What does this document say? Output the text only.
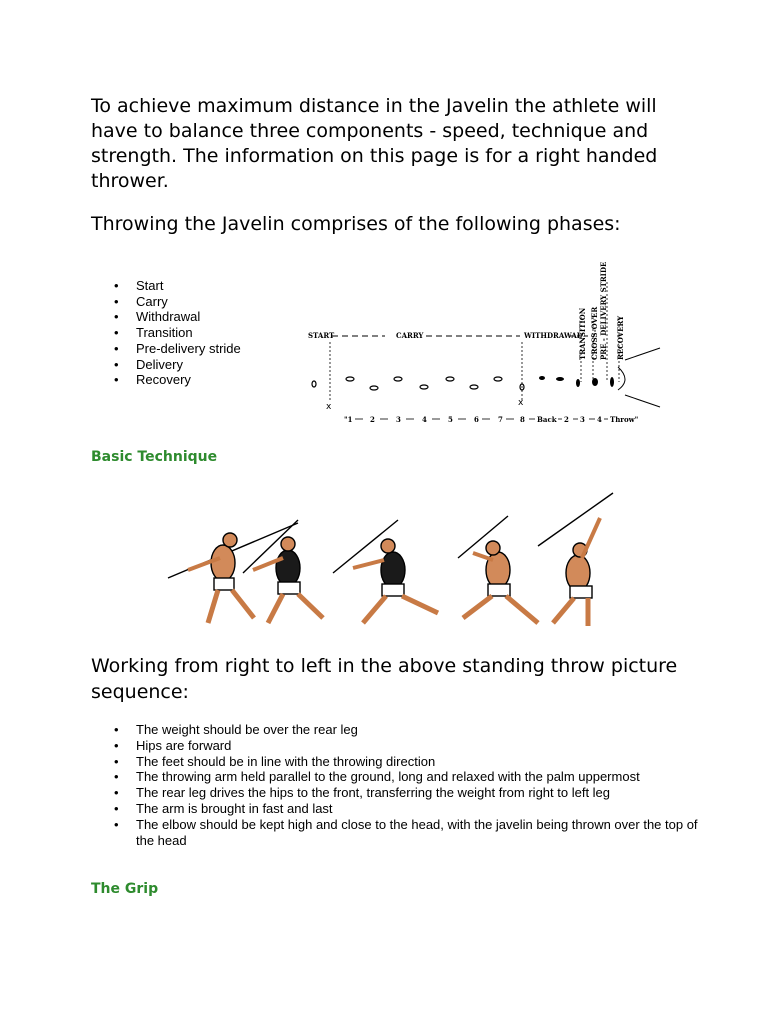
To achieve maximum distance in the Javelin the athlete will have to balance three components - speed, technique and strength. The information on this page is for a right handed thrower.

Throwing the Javelin comprises of the following phases:

• Start
• Carry
• Withdrawal
• Transition
• Pre-delivery stride
• Delivery
• Recovery
START	CARRY	WITHDRAWAL
TRANSITION CROSS-OVER PRE - DELIVERY STRIDE RECOVERY
x	x
"1 2	3	4	5	6	7 8 Back 2 3 4 Throw"
Basic Technique

Working from right to left in the above standing throw picture sequence:

• The weight should be over the rear leg
• Hips are forward
• The feet should be in line with the throwing direction
• The throwing arm held parallel to the ground, long and relaxed with the palm uppermost
• The rear leg drives the hips to the front, transferring the weight from right to left leg
• The arm is brought in fast and last
• The elbow should be kept high and close to the head, with the javelin being thrown over the top of the head
The Grip
